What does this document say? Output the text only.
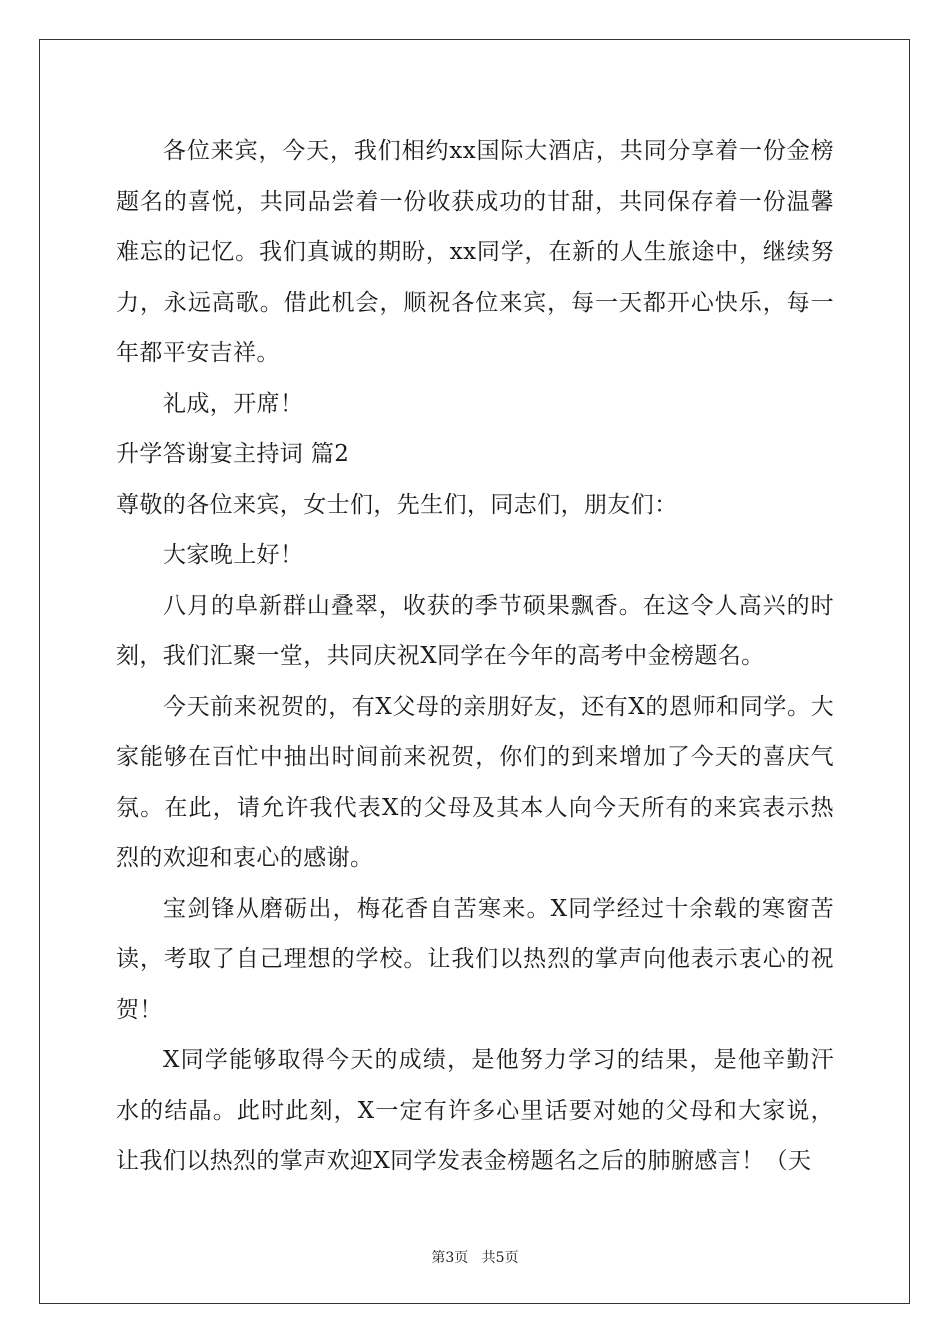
各位来宾，今天，我们相约xx国际大酒店，共同分享着一份金榜题名的喜悦，共同品尝着一份收获成功的甘甜，共同保存着一份温馨难忘的记忆。我们真诚的期盼，xx同学，在新的人生旅途中，继续努力，永远高歌。借此机会，顺祝各位来宾，每一天都开心快乐，每一年都平安吉祥。

礼成，开席！

升学答谢宴主持词 篇2

尊敬的各位来宾，女士们，先生们，同志们，朋友们：

大家晚上好！

八月的阜新群山叠翠，收获的季节硕果飘香。在这令人高兴的时刻，我们汇聚一堂，共同庆祝X同学在今年的高考中金榜题名。

今天前来祝贺的，有X父母的亲朋好友，还有X的恩师和同学。大家能够在百忙中抽出时间前来祝贺，你们的到来增加了今天的喜庆气氛。在此，请允许我代表X的父母及其本人向今天所有的来宾表示热烈的欢迎和衷心的感谢。

宝剑锋从磨砺出，梅花香自苦寒来。X同学经过十余载的寒窗苦读，考取了自己理想的学校。让我们以热烈的掌声向他表示衷心的祝贺！

X同学能够取得今天的成绩，是他努力学习的结果，是他辛勤汗水的结晶。此时此刻，X一定有许多心里话要对她的父母和大家说，让我们以热烈的掌声欢迎X同学发表金榜题名之后的肺腑感言！（天

第3页 共5页
